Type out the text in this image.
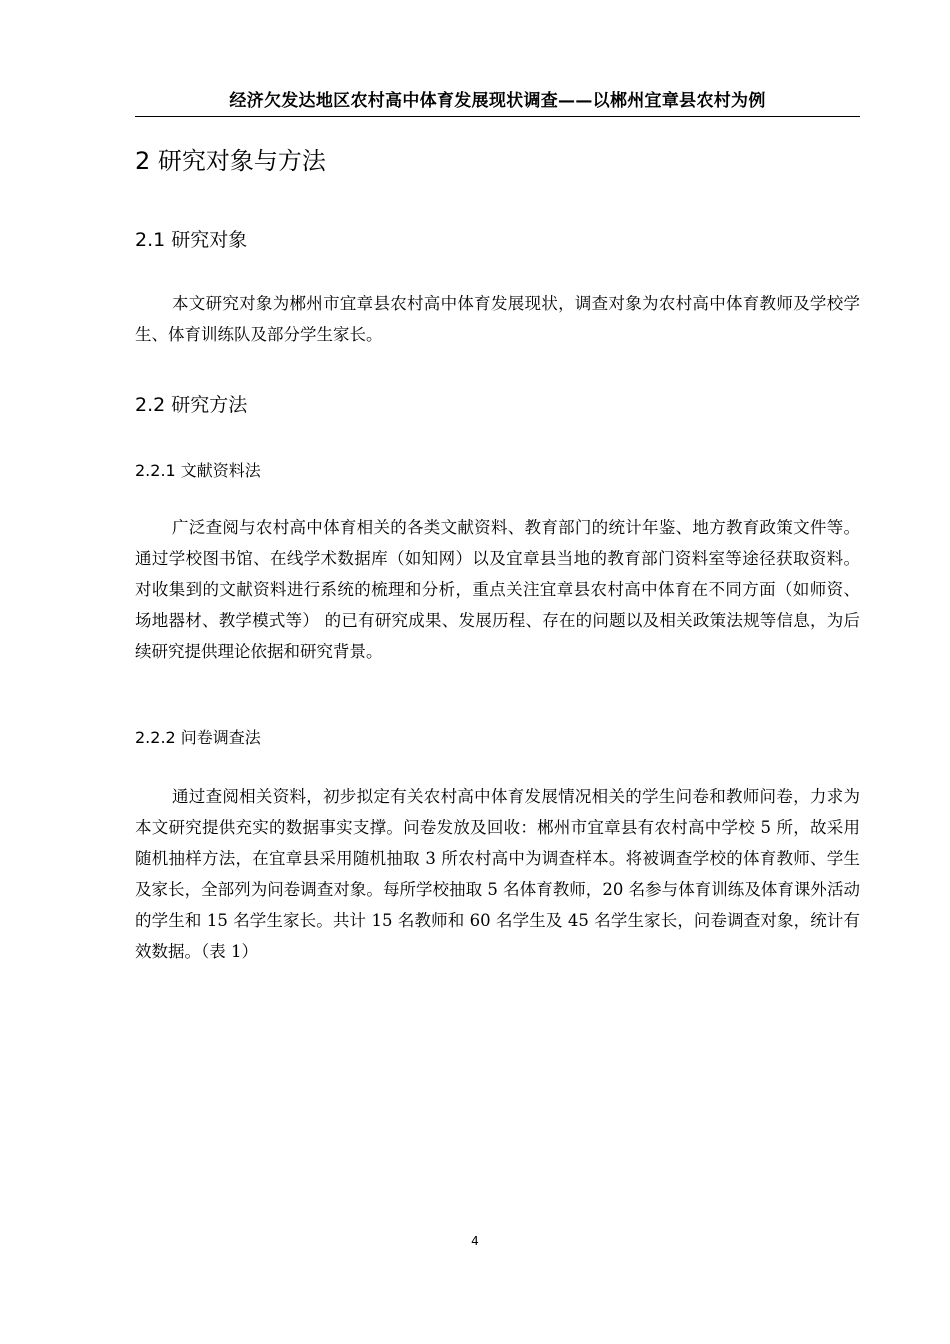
经济欠发达地区农村高中体育发展现状调查——以郴州宜章县农村为例
2 研究对象与方法
2.1 研究对象

本文研究对象为郴州市宜章县农村高中体育发展现状，调查对象为农村高中体育教师及学校学生、体育训练队及部分学生家长。

2.2 研究方法
2.2.1 文献资料法

广泛查阅与农村高中体育相关的各类文献资料、教育部门的统计年鉴、地方教育政策文件等。通过学校图书馆、在线学术数据库（如知网）以及宜章县当地的教育部门资料室等途径获取资料。对收集到的文献资料进行系统的梳理和分析，重点关注宜章县农村高中体育在不同方面（如师资、场地器材、教学模式等） 的已有研究成果、发展历程、存在的问题以及相关政策法规等信息，为后续研究提供理论依据和研究背景。

2.2.2 问卷调查法

通过查阅相关资料，初步拟定有关农村高中体育发展情况相关的学生问卷和教师问卷，力求为本文研究提供充实的数据事实支撑。问卷发放及回收：郴州市宜章县有农村高中学校 5 所，故采用随机抽样方法，在宜章县采用随机抽取 3 所农村高中为调查样本。将被调查学校的体育教师、学生及家长，全部列为问卷调查对象。每所学校抽取 5 名体育教师，20 名参与体育训练及体育课外活动的学生和 15 名学生家长。共计 15 名教师和 60 名学生及 45 名学生家长，问卷调查对象，统计有效数据。（表 1）

4
